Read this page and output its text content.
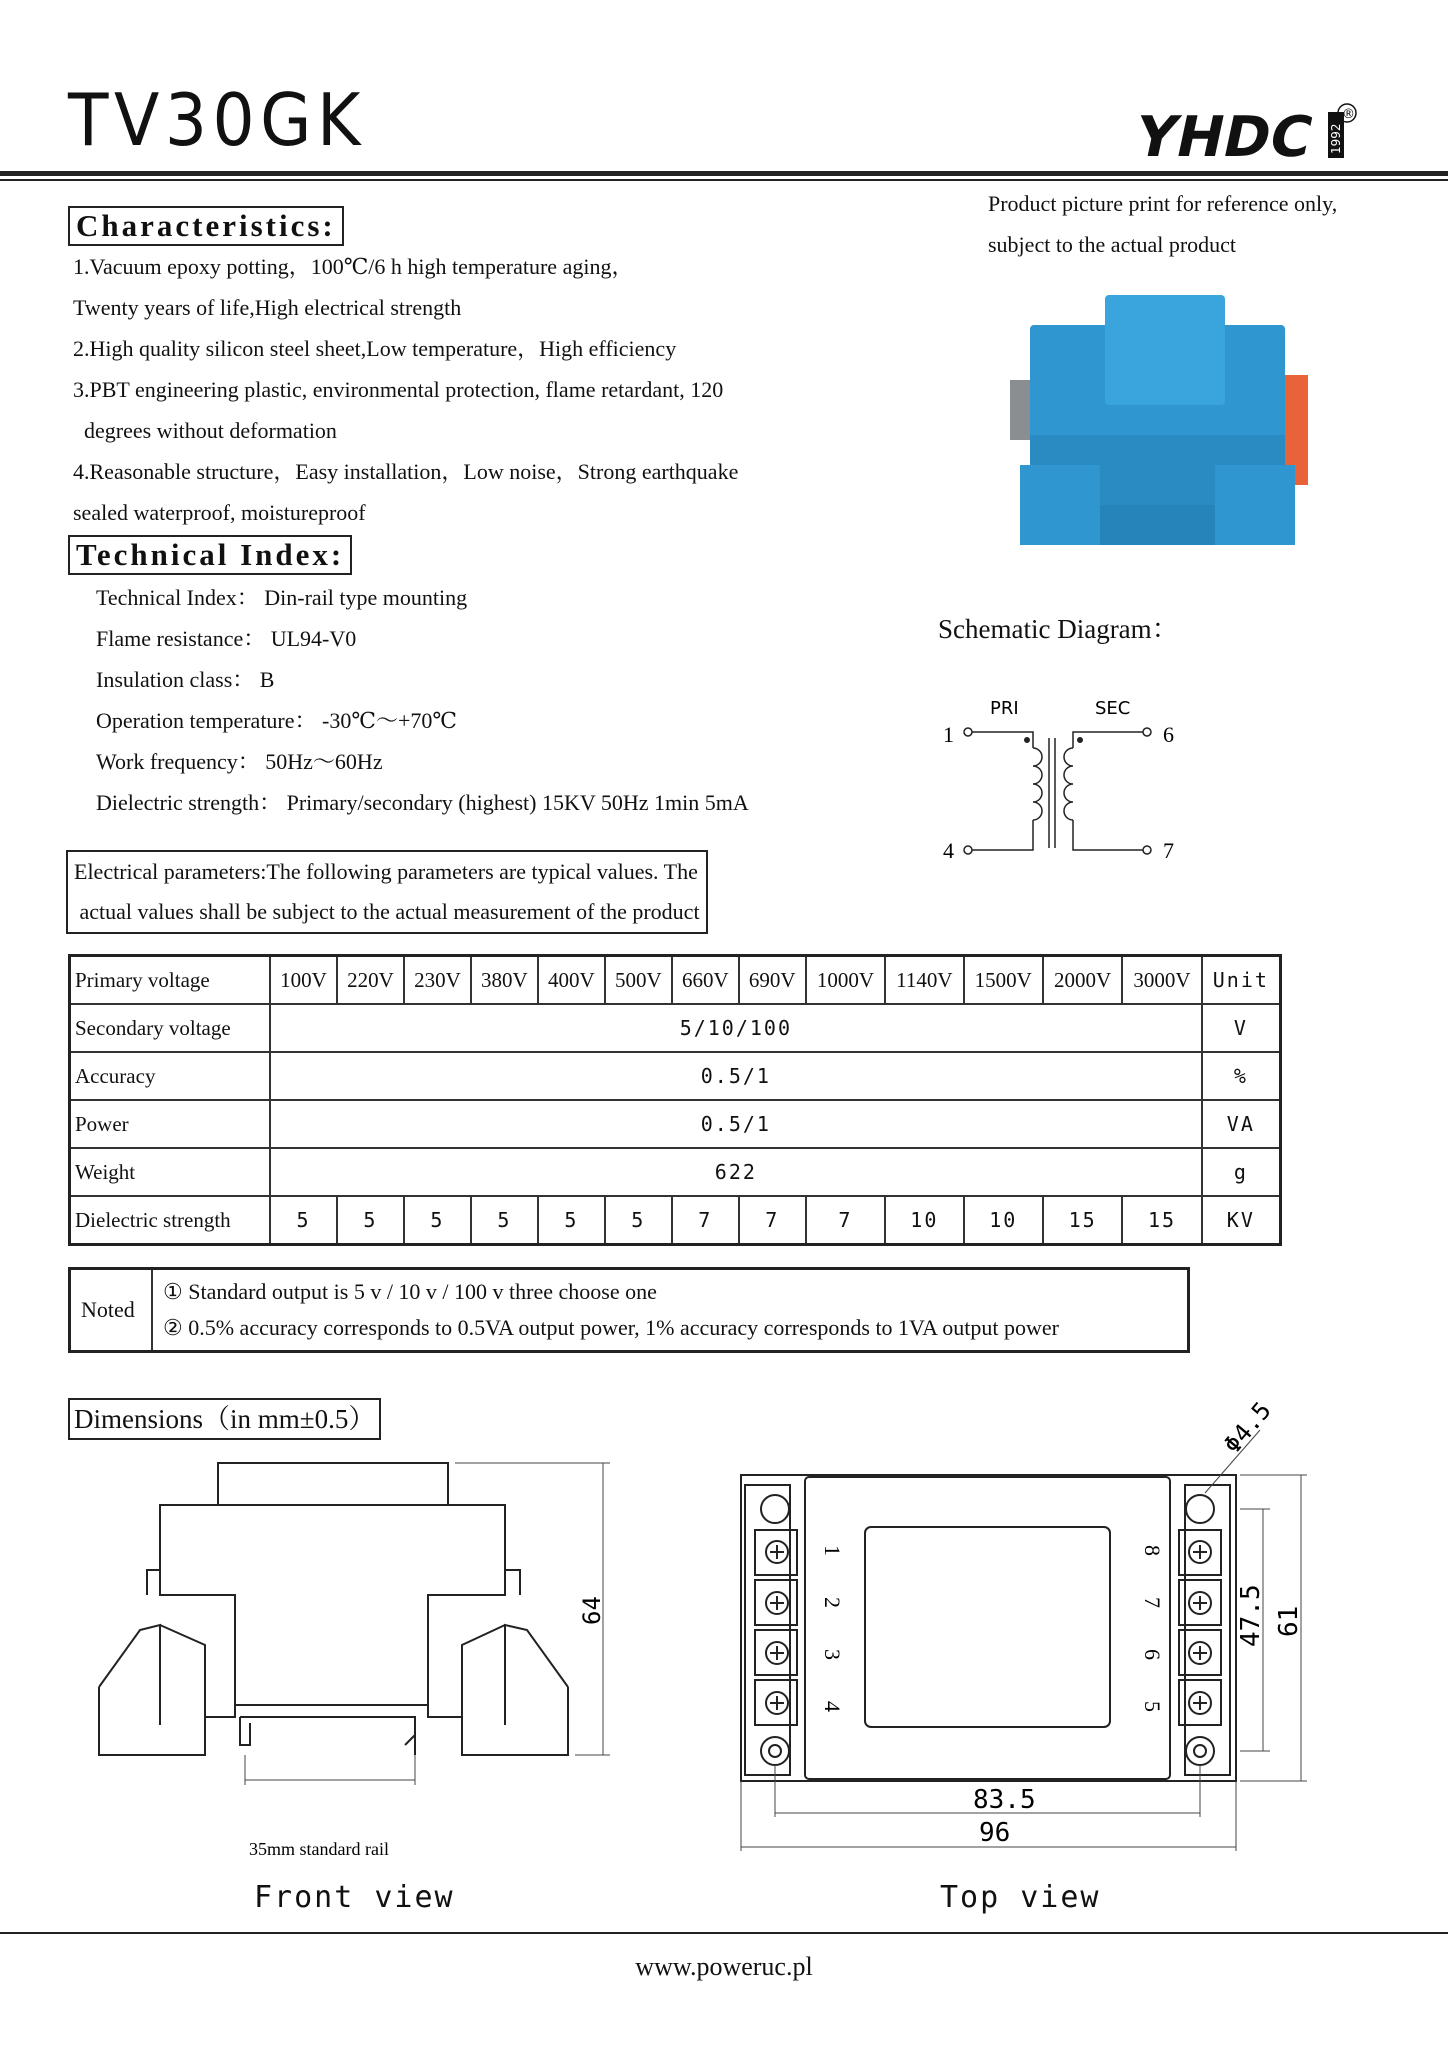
TV30GK	YHDC 1992
®
Product picture print for reference only,
subject to the actual product
Characteristics:
1.Vacuum epoxy potting，100℃/6 h high temperature aging，
Twenty years of life,High electrical strength
2.High quality silicon steel sheet,Low temperature，High efficiency
3.PBT engineering plastic, environmental protection, flame retardant, 120
degrees without deformation
4.Reasonable structure，Easy installation，Low noise，Strong earthquake
sealed waterproof, moistureproof
Technical Index:
Technical Index： Din-rail type mounting
Flame resistance： UL94-V0
Insulation class： B
Operation temperature： -30℃～+70℃
Work frequency： 50Hz～60Hz
Dielectric strength： Primary/secondary (highest) 15KV 50Hz 1min 5mA
Schematic Diagram：
PRI	SEC
1
4
6
7
Electrical parameters:The following parameters are typical values. The
actual values shall be subject to the actual measurement of the product
Primary voltage	100V	220V	230V	380V	400V	500V	660V	690V	1000V	1140V	1500V	2000V	3000V	Unit
Secondary voltage	5/10/100													V
Accuracy	0.5/1													%
Power	0.5/1													VA
Weight	622													g
Dielectric strength	5	5	5	5	5	5	7	7	7	10	10	15	15	KV
Noted	
① Standard output is 5 v / 10 v / 100 v three choose one
② 0.5% accuracy corresponds to 0.5VA output power, 1% accuracy corresponds to 1VA output power
Dimensions（in mm±0.5）
64
35mm standard rail
Front view
1
2
3
4
8
7
6
5
Φ4.5
47.5 61
83.5
96
Top view
www.poweruc.pl
